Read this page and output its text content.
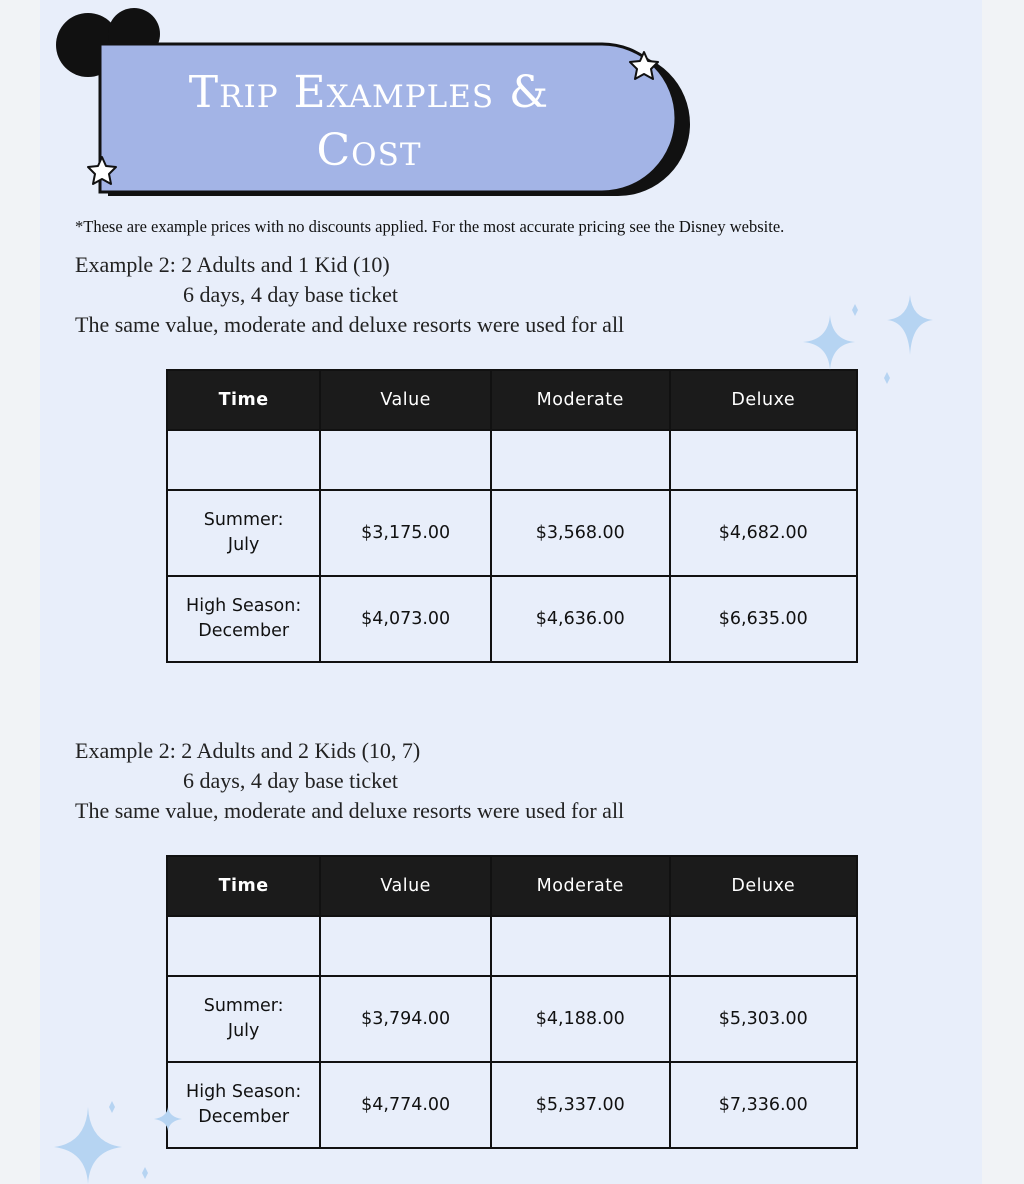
Trip Examples &
Cost
*These are example prices with no discounts applied. For the most accurate pricing see the Disney website.
Example 2: 2 Adults and 1 Kid (10)
6 days, 4 day base ticket
The same value, moderate and deluxe resorts were used for all
Time	Value	Moderate	Deluxe

Summer:
July	$3,175.00	$3,568.00	$4,682.00
High Season:
December	$4,073.00	$4,636.00	$6,635.00
Example 2: 2 Adults and 2 Kids (10, 7)
6 days, 4 day base ticket
The same value, moderate and deluxe resorts were used for all
Time	Value	Moderate	Deluxe

Summer:
July	$3,794.00	$4,188.00	$5,303.00
High Season:
December	$4,774.00	$5,337.00	$7,336.00
